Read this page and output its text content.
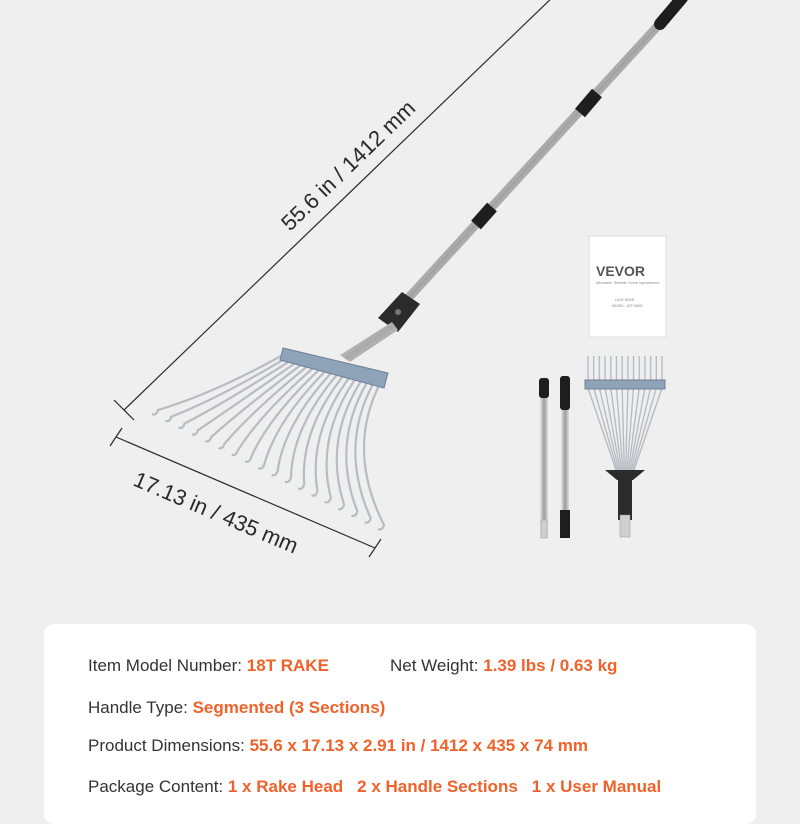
55.6 in / 1412 mm
17.13 in / 435 mm
VEVOR
Affordable. Reliable. Home Improvement.
LEAF RAKE
MODEL: 18T RAKE
Item Model Number: 18T RAKE	Net Weight: 1.39 lbs / 0.63 kg
Handle Type: Segmented (3 Sections)
Product Dimensions: 55.6 x 17.13 x 2.91 in / 1412 x 435 x 74 mm
Package Content: 1 x Rake Head 2 x Handle Sections 1 x User Manual
